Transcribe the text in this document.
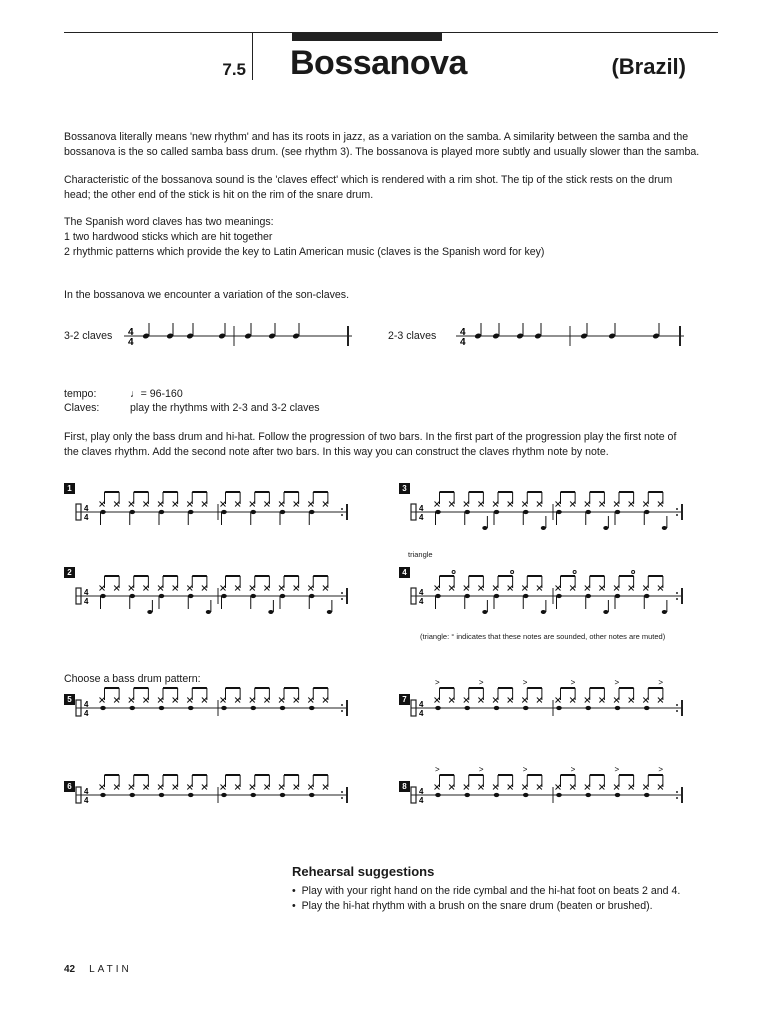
7.5 Bossanova	(Brazil)
Bossanova literally means 'new rhythm' and has its roots in jazz, as a variation on the samba. A similarity between the samba and the
bossanova is the so called samba bass drum. (see rhythm 3). The bossanova is played more subtly and usually slower than the samba.
Characteristic of the bossanova sound is the 'claves effect' which is rendered with a rim shot. The tip of the stick rests on the drum
head; the other end of the stick is hit on the rim of the snare drum.
The Spanish word claves has two meanings:
1 two hardwood sticks which are hit together
2 rhythmic patterns which provide the key to Latin American music (claves is the Spanish word for key)
In the bossanova we encounter a variation of the son-claves.
3-2 claves 4
4
2-3 claves 4
4
tempo:	♩= 96-160
Claves:	play the rhythms with 2-3 and 3-2 claves
First, play only the bass drum and hi-hat. Follow the progression of two bars. In the first part of the progression play the first note of
the claves rhythm. Add the second note after two bars. In this way you can construct the claves rhythm note by note.
1
4
4
3
4
4
triangle
2
4
4
4
4
4
(triangle: ° indicates that these notes are sounded, other notes are muted)
Choose a bass drum pattern:
5
4
4
7
4
4
>	>	>	>	>	>
6
4
4
8
4
4
>	>	>	>	>	>
Rehearsal suggestions
•  Play with your right hand on the ride cymbal and the hi-hat foot on beats 2 and 4.
•  Play the hi-hat rhythm with a brush on the snare drum (beaten or brushed).
42 LATIN
